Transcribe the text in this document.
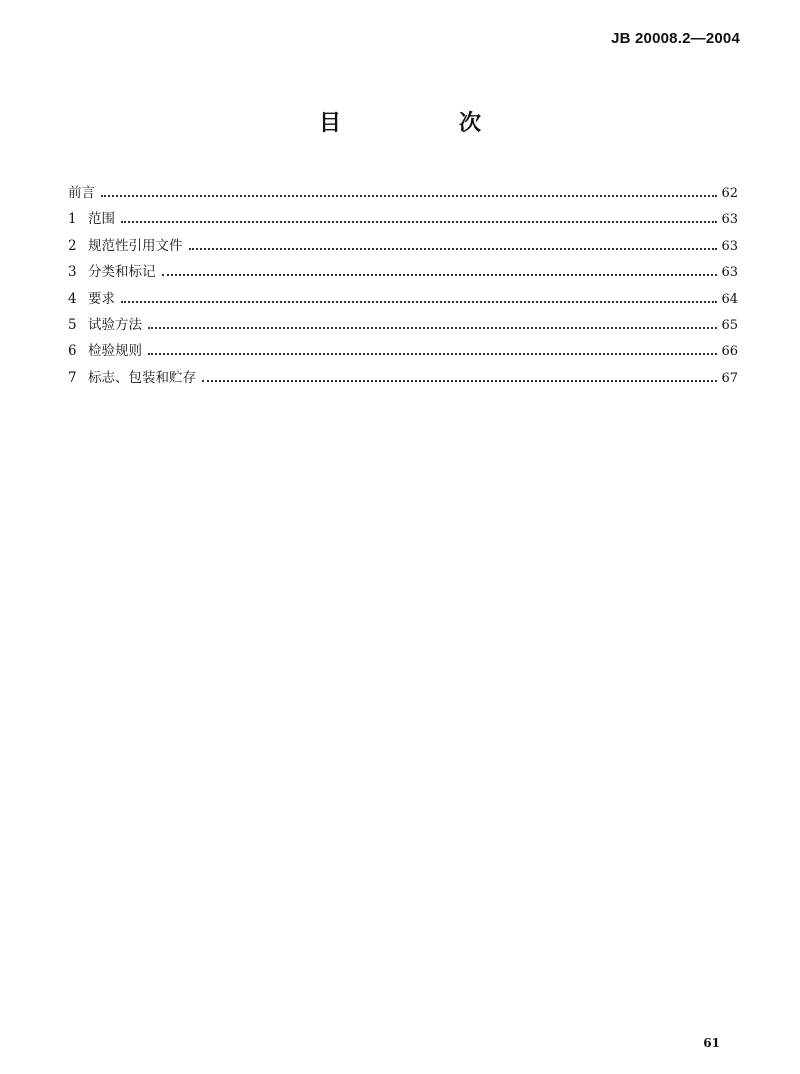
JB 20008.2—2004
目　次
前言	62
1 范围	63
2 规范性引用文件	63
3 分类和标记	63
4 要求	64
5 试验方法	65
6 检验规则	66
7 标志、包装和贮存	67
61
